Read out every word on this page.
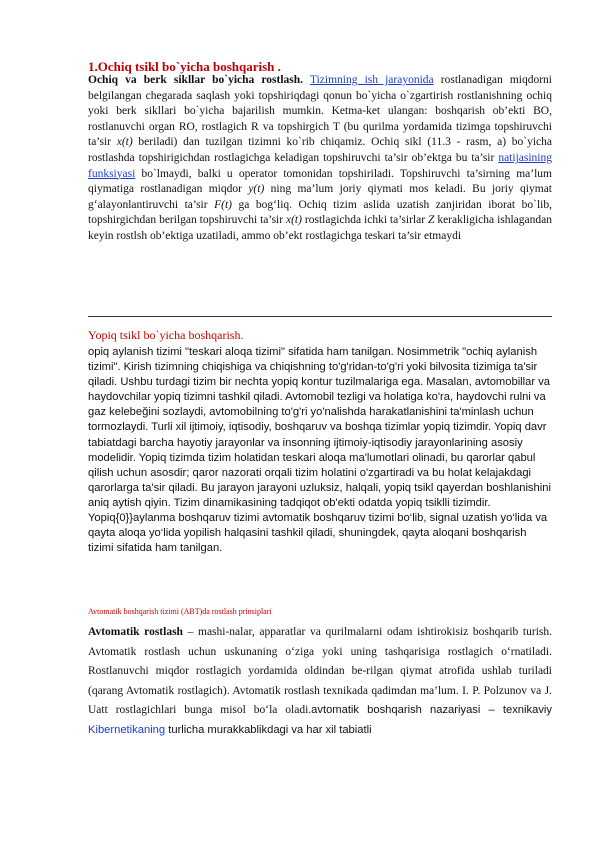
1.Ochiq tsikl bo`yicha boshqarish .
Ochiq va berk sikllar bo`yicha rostlash. Tizimning ish jarayonida rostlanadigan miqdorni belgilangan chegarada saqlash yoki topshiriqdagi qonun bo`yicha o`zgartirish rostlanishning ochiq yoki berk sikllari bo`yicha bajarilish mumkin. Ketma-ket ulangan: boshqarish ob’ekti BO, rostlanuvchi organ RO, rostlagich R va topshirgich T (bu qurilma yordamida tizimga topshiruvchi ta’sir x(t) beriladi) dan tuzilgan tizimni ko`rib chiqamiz. Ochiq sikl (11.3 - rasm, a) bo`yicha rostlashda topshirigichdan rostlagichga keladigan topshiruvchi ta’sir ob’ektga bu ta’sir natijasining funksiyasi bo`lmaydi, balki u operator tomonidan topshiriladi. Topshiruvchi ta’sirning ma’lum qiymatiga rostlanadigan miqdor y(t) ning ma’lum joriy qiymati mos keladi. Bu joriy qiymat g‘alayonlantiruvchi ta’sir F(t) ga bog‘liq. Ochiq tizim aslida uzatish zanjiridan iborat bo`lib, topshirgichdan berilgan topshiruvchi ta’sir x(t) rostlagichda ichki ta’sirlar Z kerakligicha ishlagandan keyin rostlsh ob’ektiga uzatiladi, ammo ob’ekt rostlagichga teskari ta’sir etmaydi
Yopiq tsikl bo`yicha boshqarish.
opiq aylanish tizimi "teskari aloqa tizimi" sifatida ham tanilgan. Nosimmetrik "ochiq aylanish tizimi". Kirish tizimning chiqishiga va chiqishning to'g'ridan-to'g'ri yoki bilvosita tizimiga ta'sir qiladi. Ushbu turdagi tizim bir nechta yopiq kontur tuzilmalariga ega. Masalan, avtomobillar va haydovchilar yopiq tizimni tashkil qiladi. Avtomobil tezligi va holatiga ko'ra, haydovchi rulni va gaz kelebeğini sozlaydi, avtomobilning to'g'ri yo'nalishda harakatlanishini ta'minlash uchun tormozlaydi. Turli xil ijtimoiy, iqtisodiy, boshqaruv va boshqa tizimlar yopiq tizimdir. Yopiq davr tabiatdagi barcha hayotiy jarayonlar va insonning ijtimoiy-iqtisodiy jarayonlarining asosiy modelidir. Yopiq tizimda tizim holatidan teskari aloqa ma'lumotlari olinadi, bu qarorlar qabul qilish uchun asosdir; qaror nazorati orqali tizim holatini o'zgartiradi va bu holat kelajakdagi qarorlarga ta'sir qiladi. Bu jarayon jarayoni uzluksiz, halqali, yopiq tsikl qayerdan boshlanishini aniq aytish qiyin. Tizim dinamikasining tadqiqot ob'ekti odatda yopiq tsiklli tizimdir. Yopiq{0}}aylanma boshqaruv tizimi avtomatik boshqaruv tizimi bo‘lib, signal uzatish yo‘lida va qayta aloqa yo‘lida yopilish halqasini tashkil qiladi, shuningdek, qayta aloqani boshqarish tizimi sifatida ham tanilgan.
Avtomatik boshqarish tizimi (ABT)da rostlash prinsiplari
Avtomatik rostlash – mashi-nalar, apparatlar va qurilmalarni odam ishtirokisiz boshqarib turish. Avtomatik rostlash uchun uskunaning o‘ziga yoki uning tashqarisiga rostlagich o‘rnatiladi. Rostlanuvchi miqdor rostlagich yordamida oldindan be-rilgan qiymat atrofida ushlab turiladi (qarang Avtomatik rostlagich). Avtomatik rostlash texnikada qadimdan ma’lum. I. P. Polzunov va J. Uatt rostlagichlari bunga misol bo‘la oladi.avtomatik boshqarish nazariyasi – texnikaviy Kibernetikaning turlicha murakkablikdagi va har xil tabiatli
